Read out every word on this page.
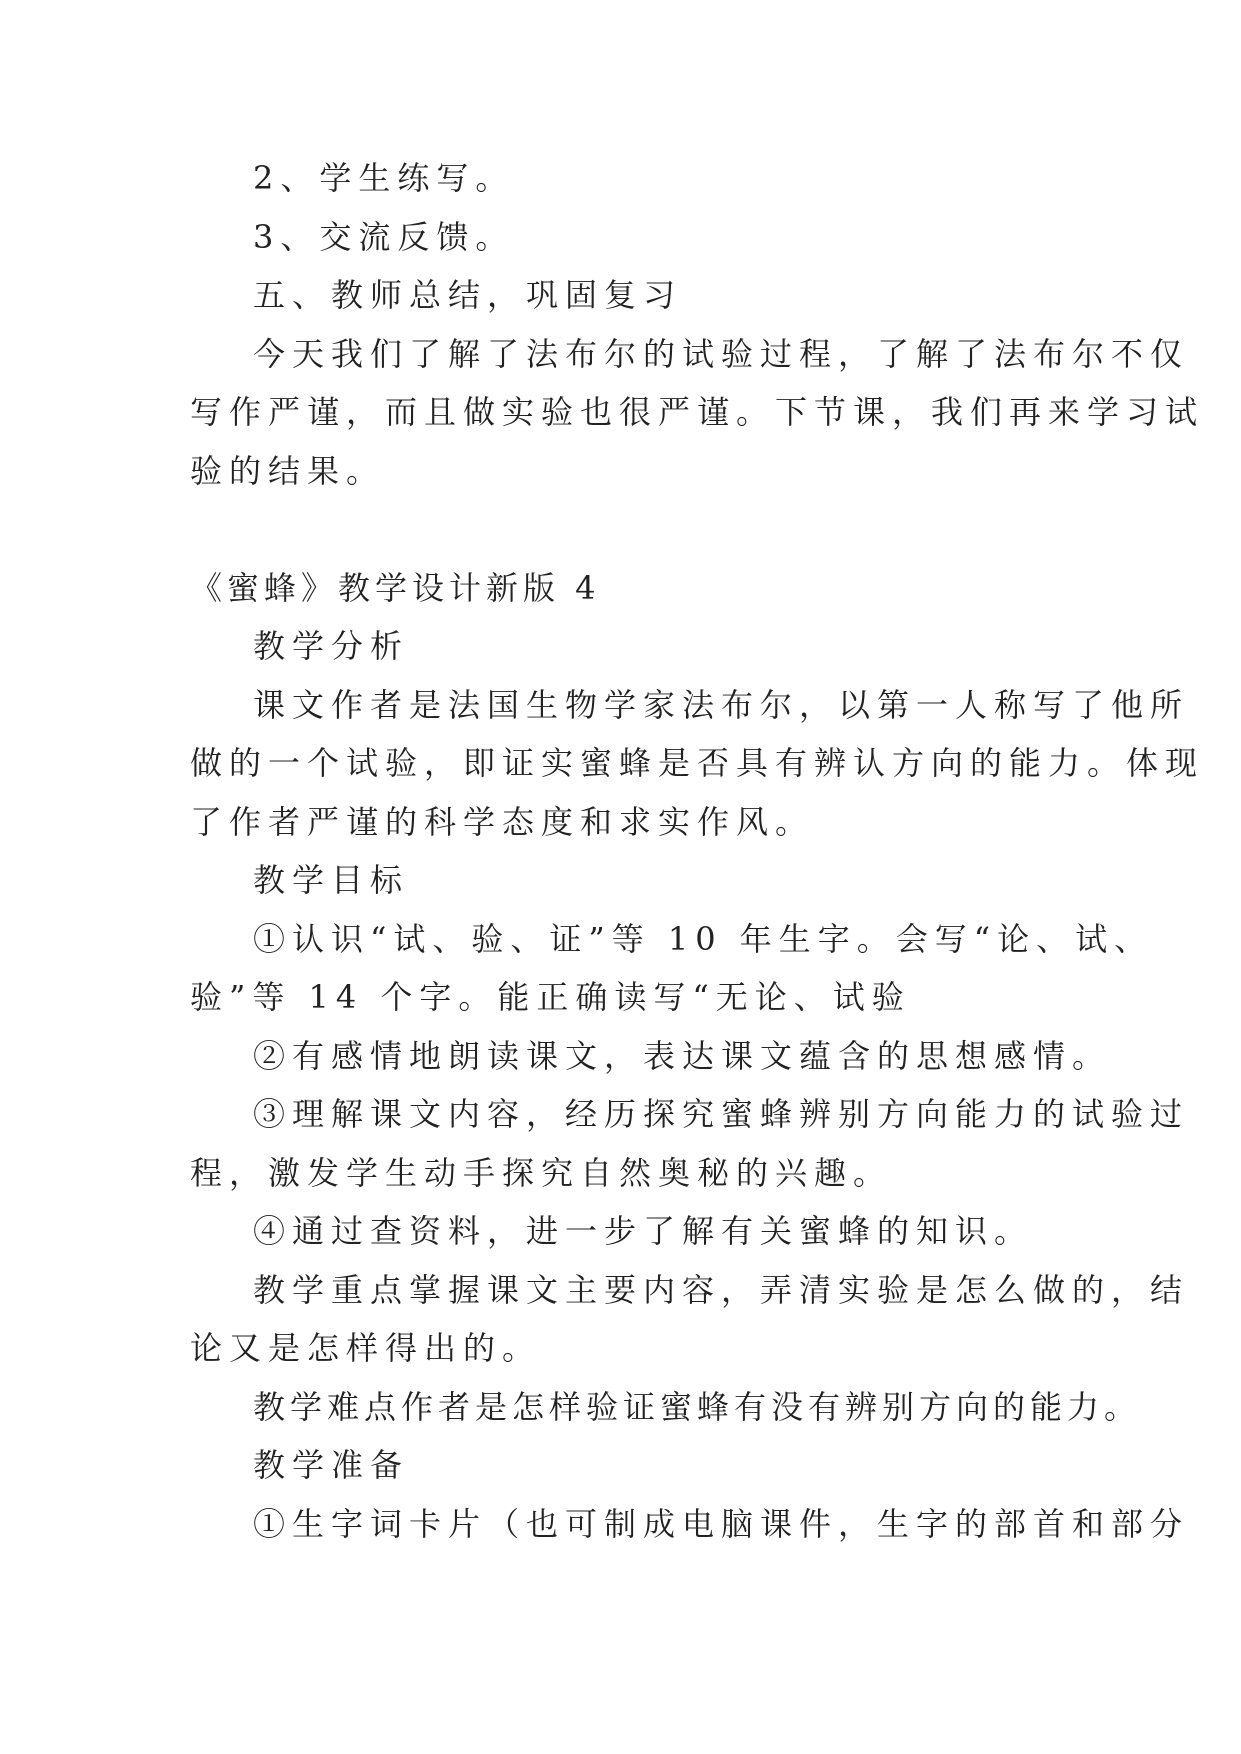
2、学生练写。
3、交流反馈。
五、教师总结，巩固复习
今天我们了解了法布尔的试验过程，了解了法布尔不仅
写作严谨，而且做实验也很严谨。下节课，我们再来学习试
验的结果。
《蜜蜂》教学设计新版 4
教学分析
课文作者是法国生物学家法布尔，以第一人称写了他所
做的一个试验，即证实蜜蜂是否具有辨认方向的能力。体现
了作者严谨的科学态度和求实作风。
教学目标
①认识“试、验、证”等 10 年生字。会写“论、试、
验”等 14 个字。能正确读写“无论、试验
②有感情地朗读课文，表达课文蕴含的思想感情。
③理解课文内容，经历探究蜜蜂辨别方向能力的试验过
程，激发学生动手探究自然奥秘的兴趣。
④通过查资料，进一步了解有关蜜蜂的知识。
教学重点掌握课文主要内容，弄清实验是怎么做的，结
论又是怎样得出的。
教学难点作者是怎样验证蜜蜂有没有辨别方向的能力。
教学准备
①生字词卡片（也可制成电脑课件，生字的部首和部分
